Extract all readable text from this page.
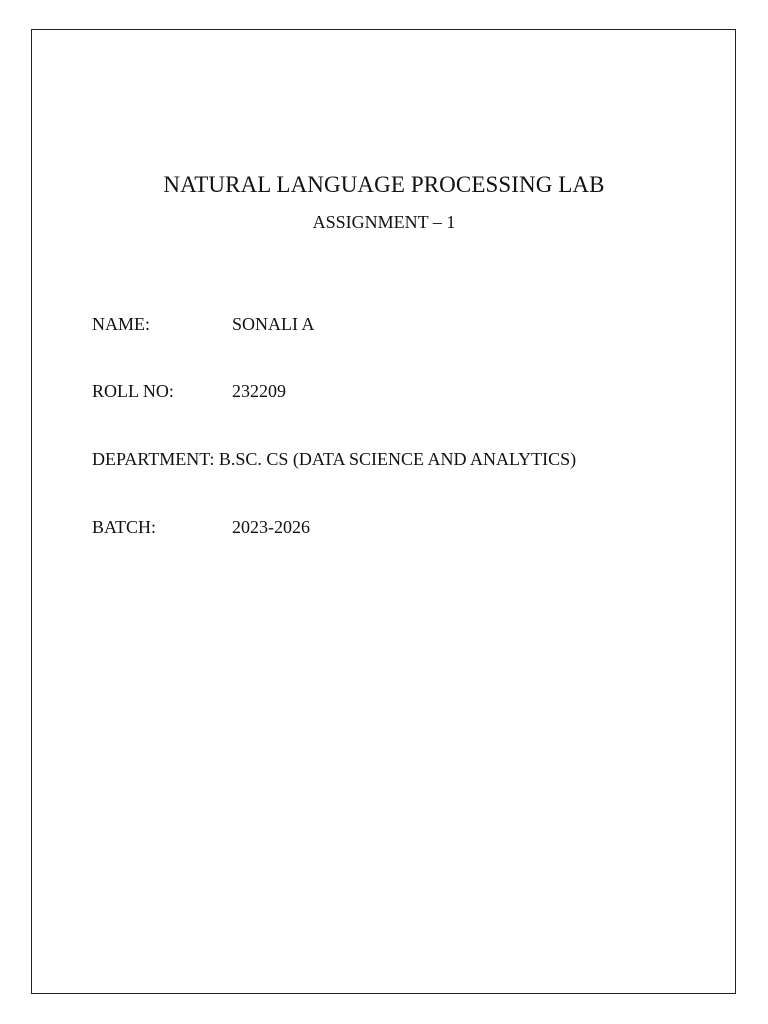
NATURAL LANGUAGE PROCESSING LAB
ASSIGNMENT – 1
NAME:	SONALI A
ROLL NO:	232209
DEPARTMENT: B.SC. CS (DATA SCIENCE AND ANALYTICS)
BATCH:	2023-2026
